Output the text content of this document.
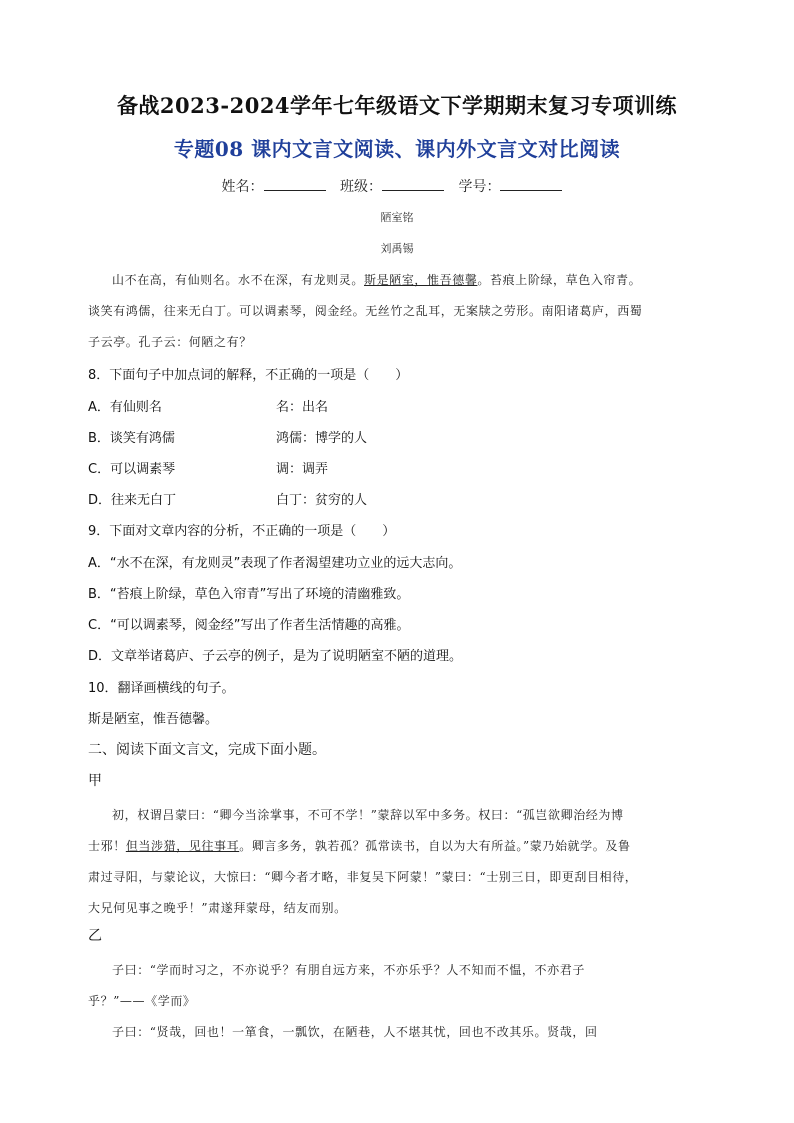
备战2023-2024学年七年级语文下学期期末复习专项训练
专题08 课内文言文阅读、课内外文言文对比阅读
姓名：	班级：	学号：
陋室铭
刘禹锡
山不在高，有仙则名。水不在深，有龙则灵。斯是陋室，惟吾德馨。苔痕上阶绿，草色入帘青。
谈笑有鸿儒，往来无白丁。可以调素琴，阅金经。无丝竹之乱耳，无案牍之劳形。南阳诸葛庐，西蜀
子云亭。孔子云：何陋之有？
8．下面句子中加点词的解释，不正确的一项是（　　）
A．有仙则名	名：出名
B．谈笑有鸿儒	鸿儒：博学的人
C．可以调素琴	调：调弄
D．往来无白丁	白丁：贫穷的人
9．下面对文章内容的分析，不正确的一项是（　　）
A．“水不在深，有龙则灵”表现了作者渴望建功立业的远大志向。
B．“苔痕上阶绿，草色入帘青”写出了环境的清幽雅致。
C．“可以调素琴，阅金经”写出了作者生活情趣的高雅。
D．文章举诸葛庐、子云亭的例子，是为了说明陋室不陋的道理。
10．翻译画横线的句子。
斯是陋室，惟吾德馨。
二、阅读下面文言文，完成下面小题。
甲
初，权谓吕蒙曰：“卿今当涂掌事，不可不学！”蒙辞以军中多务。权曰：“孤岂欲卿治经为博
士邪！但当涉猎，见往事耳。卿言多务，孰若孤？孤常读书，自以为大有所益。”蒙乃始就学。及鲁
肃过寻阳，与蒙论议，大惊曰：“卿今者才略，非复吴下阿蒙！”蒙曰：“士别三日，即更刮目相待，
大兄何见事之晚乎！”肃遂拜蒙母，结友而别。
乙
子曰：“学而时习之，不亦说乎？有朋自远方来，不亦乐乎？人不知而不愠，不亦君子
乎？”——《学而》
子曰：“贤哉，回也！一箪食，一瓢饮，在陋巷，人不堪其忧，回也不改其乐。贤哉，回
